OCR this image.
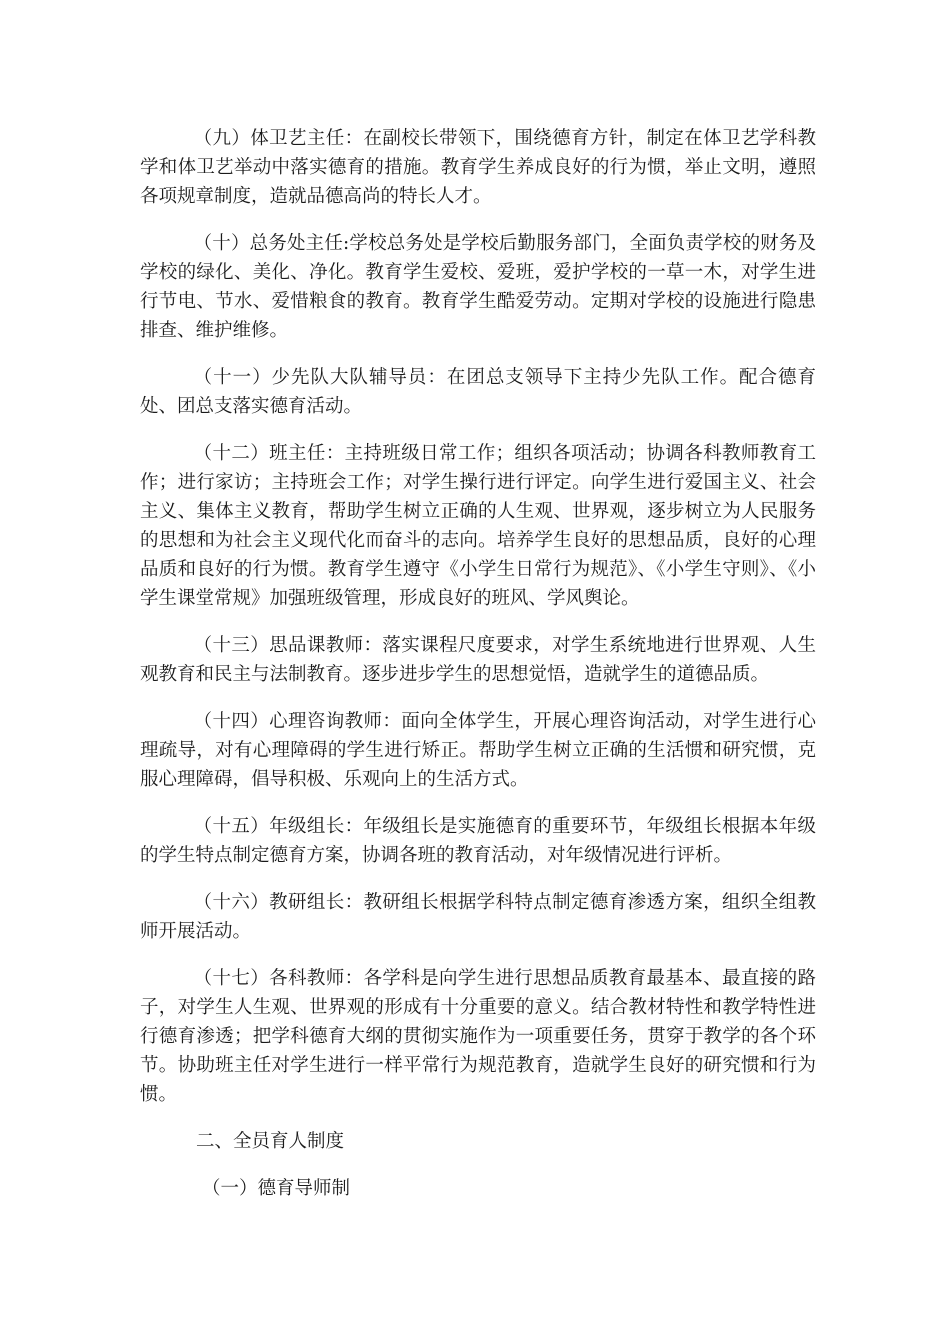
（九）体卫艺主任：在副校长带领下，围绕德育方针，制定在体卫艺学科教学和体卫艺举动中落实德育的措施。教育学生养成良好的行为惯，举止文明，遵照各项规章制度，造就品德高尚的特长人才。

（十）总务处主任:学校总务处是学校后勤服务部门，全面负责学校的财务及学校的绿化、美化、净化。教育学生爱校、爱班，爱护学校的一草一木，对学生进行节电、节水、爱惜粮食的教育。教育学生酷爱劳动。定期对学校的设施进行隐患排查、维护维修。

（十一）少先队大队辅导员：在团总支领导下主持少先队工作。配合德育处、团总支落实德育活动。

（十二）班主任：主持班级日常工作；组织各项活动；协调各科教师教育工作；进行家访；主持班会工作；对学生操行进行评定。向学生进行爱国主义、社会主义、集体主义教育，帮助学生树立正确的人生观、世界观，逐步树立为人民服务的思想和为社会主义现代化而奋斗的志向。培养学生良好的思想品质，良好的心理品质和良好的行为惯。教育学生遵守《小学生日常行为规范》、《小学生守则》、《小学生课堂常规》加强班级管理，形成良好的班风、学风舆论。

（十三）思品课教师：落实课程尺度要求，对学生系统地进行世界观、人生观教育和民主与法制教育。逐步进步学生的思想觉悟，造就学生的道德品质。

（十四）心理咨询教师：面向全体学生，开展心理咨询活动，对学生进行心理疏导，对有心理障碍的学生进行矫正。帮助学生树立正确的生活惯和研究惯，克服心理障碍，倡导积极、乐观向上的生活方式。

（十五）年级组长：年级组长是实施德育的重要环节，年级组长根据本年级的学生特点制定德育方案，协调各班的教育活动，对年级情况进行评析。

（十六）教研组长：教研组长根据学科特点制定德育渗透方案，组织全组教师开展活动。

（十七）各科教师：各学科是向学生进行思想品质教育最基本、最直接的路子，对学生人生观、世界观的形成有十分重要的意义。结合教材特性和教学特性进行德育渗透；把学科德育大纲的贯彻实施作为一项重要任务，贯穿于教学的各个环节。协助班主任对学生进行一样平常行为规范教育，造就学生良好的研究惯和行为惯。

二、全员育人制度

（一）德育导师制
